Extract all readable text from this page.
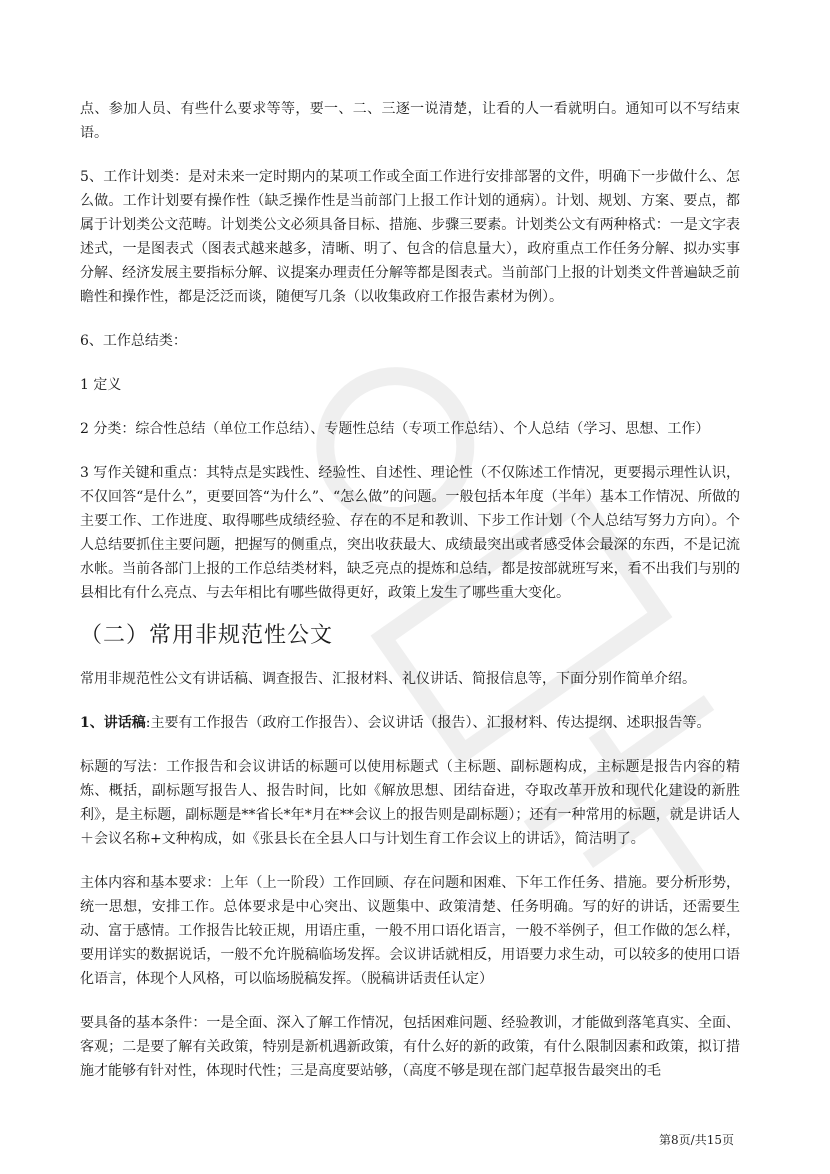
点、参加人员、有些什么要求等等，要一、二、三逐一说清楚，让看的人一看就明白。通知可以不写结束语。

5、工作计划类：是对未来一定时期内的某项工作或全面工作进行安排部署的文件，明确下一步做什么、怎么做。工作计划要有操作性（缺乏操作性是当前部门上报工作计划的通病）。计划、规划、方案、要点，都属于计划类公文范畴。计划类公文必须具备目标、措施、步骤三要素。计划类公文有两种格式：一是文字表述式，一是图表式（图表式越来越多，清晰、明了、包含的信息量大），政府重点工作任务分解、拟办实事分解、经济发展主要指标分解、议提案办理责任分解等都是图表式。当前部门上报的计划类文件普遍缺乏前瞻性和操作性，都是泛泛而谈，随便写几条（以收集政府工作报告素材为例）。

6、工作总结类：

1 定义

2 分类：综合性总结（单位工作总结）、专题性总结（专项工作总结）、个人总结（学习、思想、工作）

3 写作关键和重点：其特点是实践性、经验性、自述性、理论性（不仅陈述工作情况，更要揭示理性认识，不仅回答“是什么”，更要回答“为什么”、“怎么做”的问题。一般包括本年度（半年）基本工作情况、所做的主要工作、工作进度、取得哪些成绩经验、存在的不足和教训、下步工作计划（个人总结写努力方向）。个人总结要抓住主要问题，把握写的侧重点，突出收获最大、成绩最突出或者感受体会最深的东西，不是记流水帐。当前各部门上报的工作总结类材料，缺乏亮点的提炼和总结，都是按部就班写来，看不出我们与别的县相比有什么亮点、与去年相比有哪些做得更好，政策上发生了哪些重大变化。

（二）常用非规范性公文

常用非规范性公文有讲话稿、调查报告、汇报材料、礼仪讲话、简报信息等，下面分别作简单介绍。

1、讲话稿:主要有工作报告（政府工作报告）、会议讲话（报告）、汇报材料、传达提纲、述职报告等。

标题的写法：工作报告和会议讲话的标题可以使用标题式（主标题、副标题构成，主标题是报告内容的精炼、概括，副标题写报告人、报告时间，比如《解放思想、团结奋进，夺取改革开放和现代化建设的新胜利》，是主标题，副标题是**省长*年*月在**会议上的报告则是副标题）；还有一种常用的标题，就是讲话人＋会议名称+文种构成，如《张县长在全县人口与计划生育工作会议上的讲话》，简洁明了。

主体内容和基本要求：上年（上一阶段）工作回顾、存在问题和困难、下年工作任务、措施。要分析形势，统一思想，安排工作。总体要求是中心突出、议题集中、政策清楚、任务明确。写的好的讲话，还需要生动、富于感情。工作报告比较正规，用语庄重，一般不用口语化语言，一般不举例子，但工作做的怎么样，要用详实的数据说话，一般不允许脱稿临场发挥。会议讲话就相反，用语要力求生动，可以较多的使用口语化语言，体现个人风格，可以临场脱稿发挥。（脱稿讲话责任认定）

要具备的基本条件：一是全面、深入了解工作情况，包括困难问题、经验教训，才能做到落笔真实、全面、客观；二是要了解有关政策，特别是新机遇新政策，有什么好的新的政策，有什么限制因素和政策，拟订措施才能够有针对性，体现时代性；三是高度要站够，（高度不够是现在部门起草报告最突出的毛

第8页/共15页
